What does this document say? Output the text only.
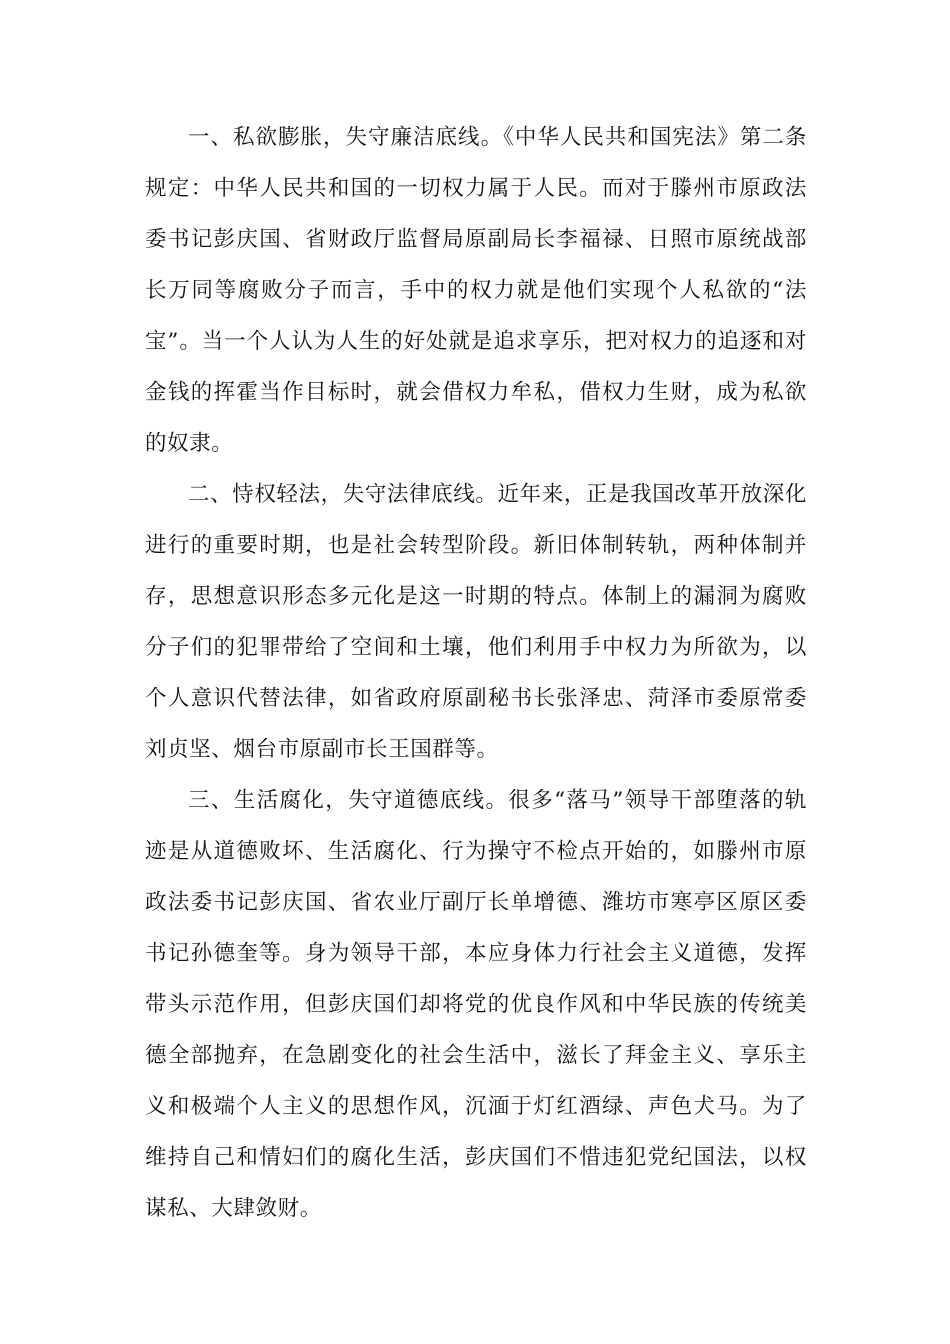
一、私欲膨胀，失守廉洁底线。《中华人民共和国宪法》第二条规定：中华人民共和国的一切权力属于人民。而对于滕州市原政法委书记彭庆国、省财政厅监督局原副局长李福禄、日照市原统战部长万同等腐败分子而言，手中的权力就是他们实现个人私欲的“法宝”。当一个人认为人生的好处就是追求享乐，把对权力的追逐和对金钱的挥霍当作目标时，就会借权力牟私，借权力生财，成为私欲的奴隶。

二、恃权轻法，失守法律底线。近年来，正是我国改革开放深化进行的重要时期，也是社会转型阶段。新旧体制转轨，两种体制并存，思想意识形态多元化是这一时期的特点。体制上的漏洞为腐败分子们的犯罪带给了空间和土壤，他们利用手中权力为所欲为，以个人意识代替法律，如省政府原副秘书长张泽忠、菏泽市委原常委刘贞坚、烟台市原副市长王国群等。

三、生活腐化，失守道德底线。很多“落马”领导干部堕落的轨迹是从道德败坏、生活腐化、行为操守不检点开始的，如滕州市原政法委书记彭庆国、省农业厅副厅长单增德、潍坊市寒亭区原区委书记孙德奎等。身为领导干部，本应身体力行社会主义道德，发挥带头示范作用，但彭庆国们却将党的优良作风和中华民族的传统美德全部抛弃，在急剧变化的社会生活中，滋长了拜金主义、享乐主义和极端个人主义的思想作风，沉湎于灯红酒绿、声色犬马。为了维持自己和情妇们的腐化生活，彭庆国们不惜违犯党纪国法，以权谋私、大肆敛财。
